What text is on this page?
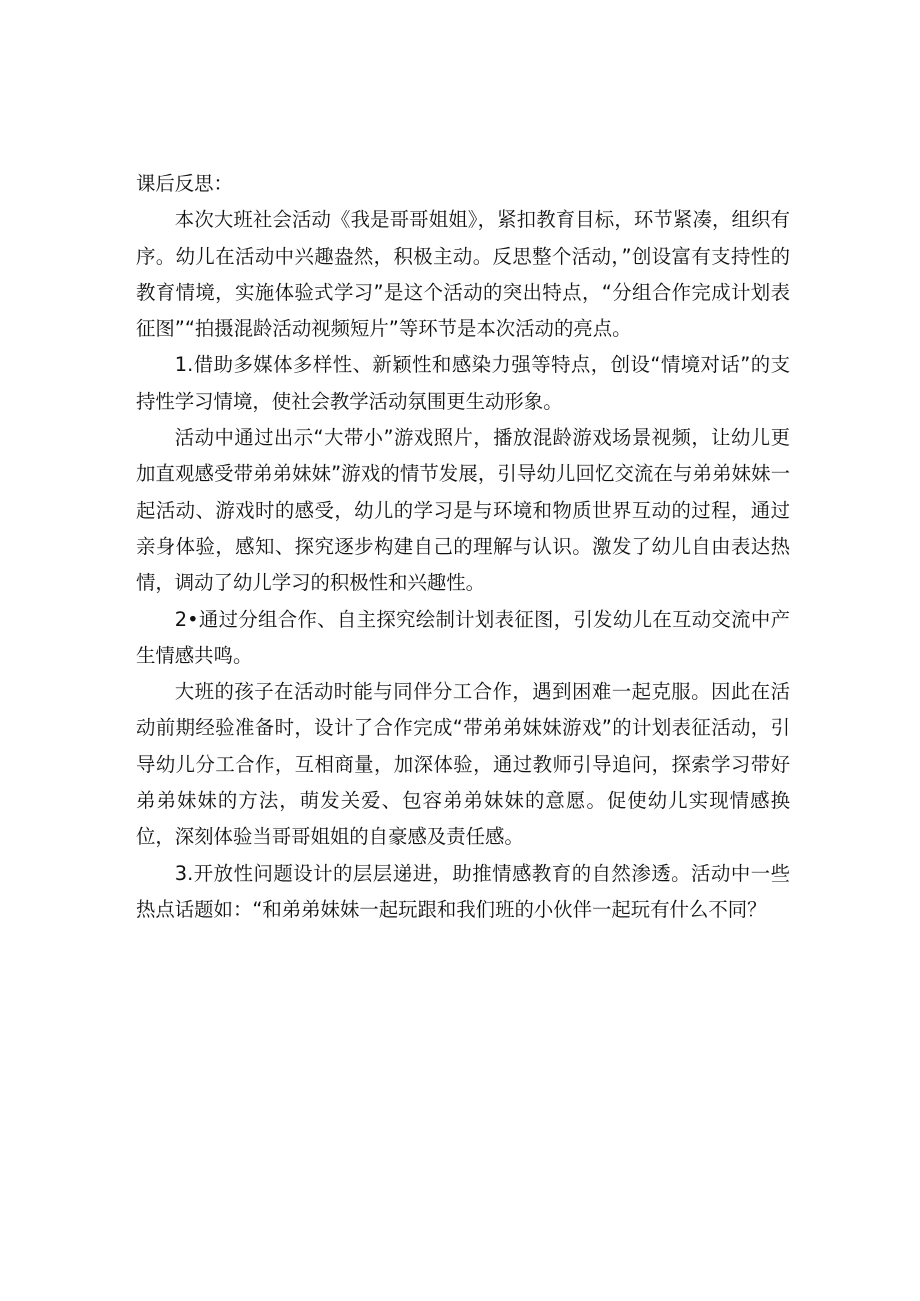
课后反思：

本次大班社会活动《我是哥哥姐姐》，紧扣教育目标，环节紧凑，组织有序。幼儿在活动中兴趣盎然，积极主动。反思整个活动，”创设富有支持性的教育情境，实施体验式学习”是这个活动的突出特点，“分组合作完成计划表征图”“拍摄混龄活动视频短片”等环节是本次活动的亮点。

1.借助多媒体多样性、新颖性和感染力强等特点，创设“情境对话”的支持性学习情境，使社会教学活动氛围更生动形象。

活动中通过出示“大带小”游戏照片，播放混龄游戏场景视频，让幼儿更加直观感受带弟弟妹妹”游戏的情节发展，引导幼儿回忆交流在与弟弟妹妹一起活动、游戏时的感受，幼儿的学习是与环境和物质世界互动的过程，通过亲身体验，感知、探究逐步构建自己的理解与认识。激发了幼儿自由表达热情，调动了幼儿学习的积极性和兴趣性。

2•通过分组合作、自主探究绘制计划表征图，引发幼儿在互动交流中产生情感共鸣。

大班的孩子在活动时能与同伴分工合作，遇到困难一起克服。因此在活动前期经验准备时，设计了合作完成“带弟弟妹妹游戏”的计划表征活动，引导幼儿分工合作，互相商量，加深体验，通过教师引导追问，探索学习带好弟弟妹妹的方法，萌发关爱、包容弟弟妹妹的意愿。促使幼儿实现情感换位，深刻体验当哥哥姐姐的自豪感及责任感。

3.开放性问题设计的层层递进，助推情感教育的自然渗透。活动中一些热点话题如：“和弟弟妹妹一起玩跟和我们班的小伙伴一起玩有什么不同？
